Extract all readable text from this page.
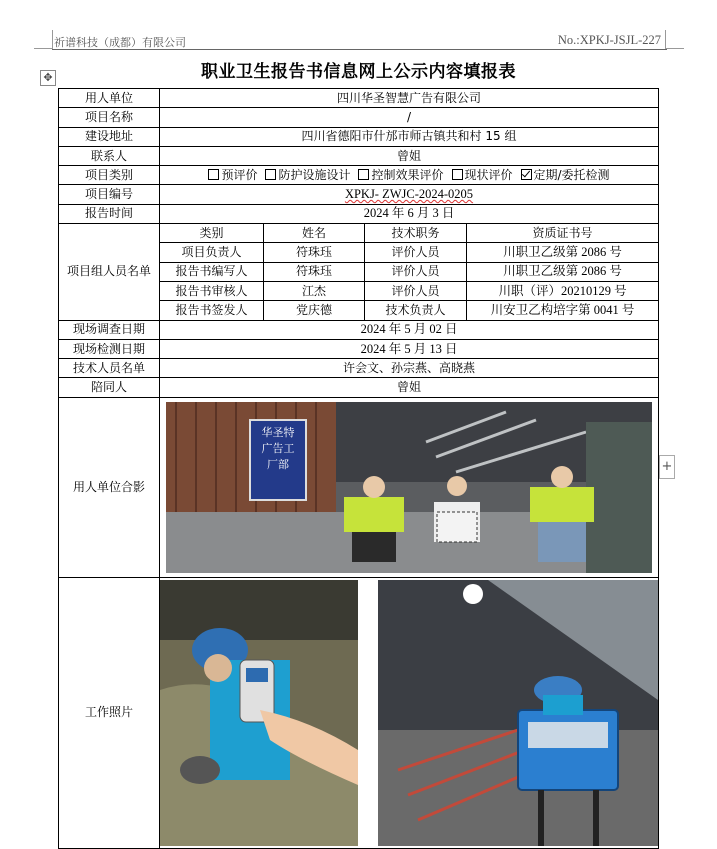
祈谱科技（成都）有限公司	No.:XPKJ-JSJL-227
✥
+
职业卫生报告书信息网上公示内容填报表
用人单位	四川华圣智慧广告有限公司			
项目名称	/			
建设地址	四川省德阳市什邡市师古镇共和村 15 组			
联系人	曾姐			
项目类别	预评价 防护设施设计 控制效果评价 现状评价 定期/委托检测			
项目编号	XPKJ- ZWJC-2024-0205			
报告时间	2024 年 6 月 3 日			
项目组人员名单	类别	姓名	技术职务	资质证书号
	项目负责人	符珠珏	评价人员	川职卫乙级第 2086 号
	报告书编写人	符珠珏	评价人员	川职卫乙级第 2086 号
	报告书审核人	江杰	评价人员	川职（评）20210129 号
	报告书签发人	党庆德	技术负责人	川安卫乙构培字第 0041 号
现场调查日期	2024 年 5 月 02 日			
现场检测日期	2024 年 5 月 13 日			
技术人员名单	许会文、孙宗燕、高晓燕			
陪同人	曾姐			
用人单位合影	华圣特
广告工
厂部			

工作照片	
